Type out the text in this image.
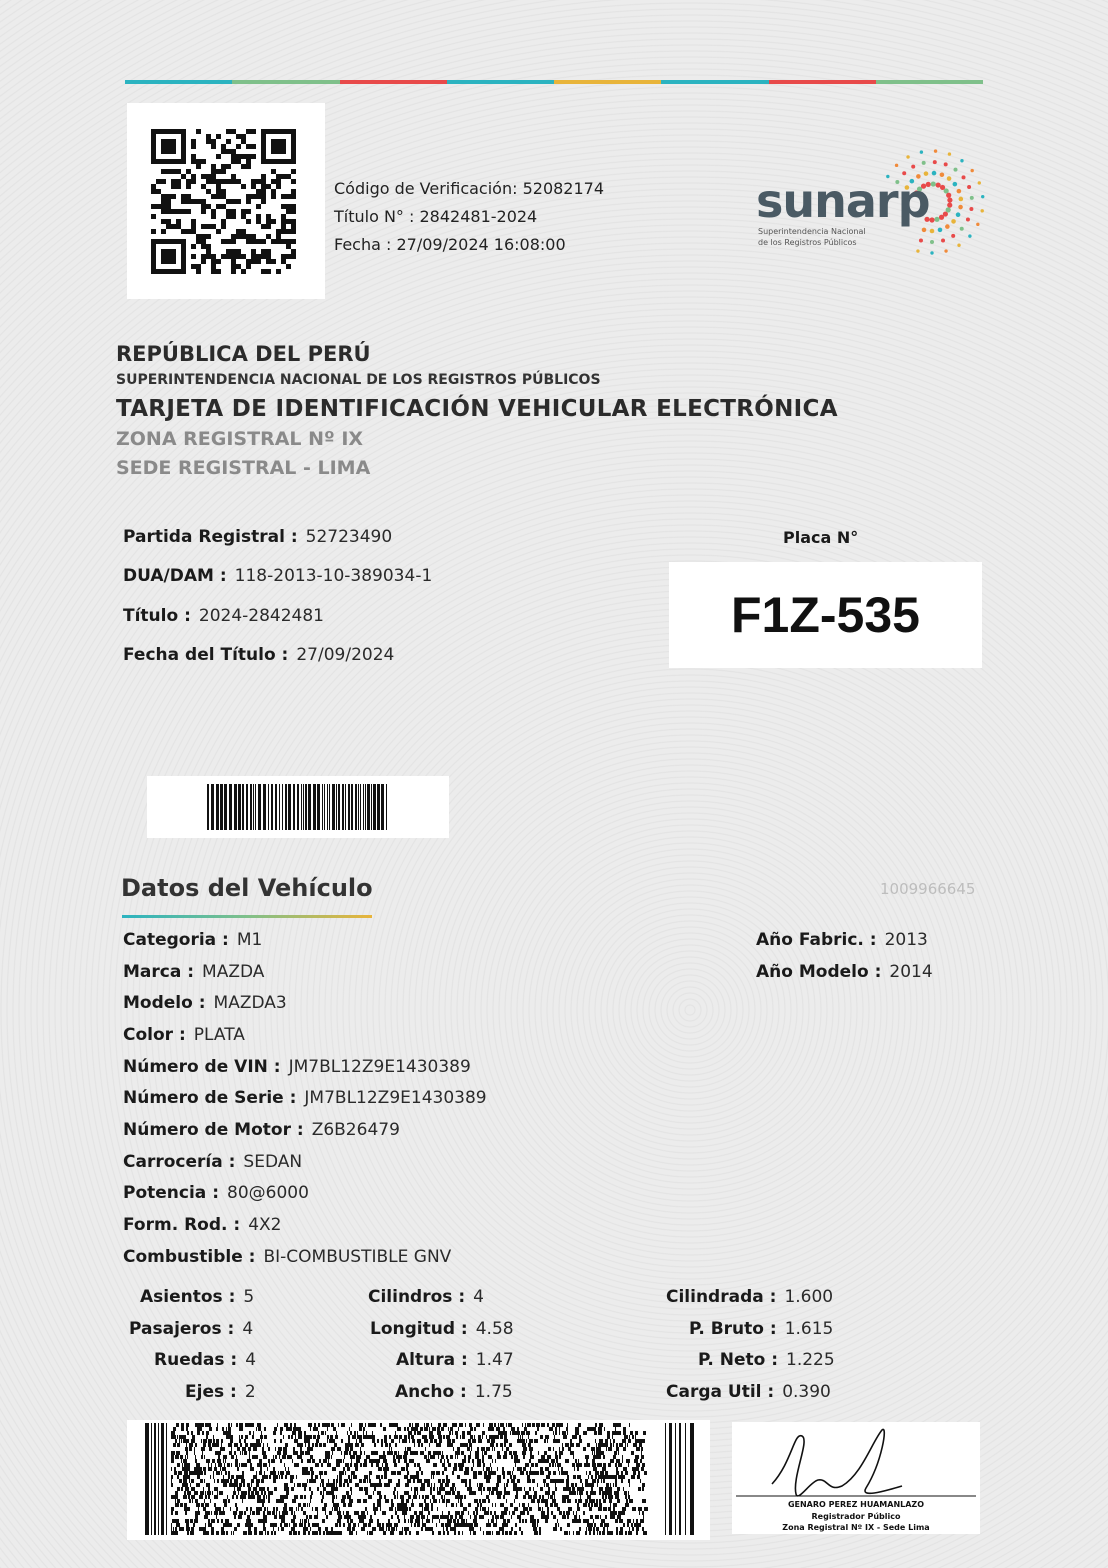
Código de Verificación: 52082174
Título N° : 2842481-2024
Fecha : 27/09/2024 16:08:00
sunarp
Superintendencia Nacional
de los Registros Públicos
REPÚBLICA DEL PERÚ
SUPERINTENDENCIA NACIONAL DE LOS REGISTROS PÚBLICOS
TARJETA DE IDENTIFICACIÓN VEHICULAR ELECTRÓNICA
ZONA REGISTRAL Nº IX
SEDE REGISTRAL - LIMA
Partida Registral : 52723490
DUA/DAM : 118-2013-10-389034-1
Título : 2024-2842481
Fecha del Título : 27/09/2024
Placa N°
F1Z-535
Datos del Vehículo	1009966645
Categoria : M1
Marca : MAZDA
Modelo : MAZDA3
Color : PLATA
Número de VIN : JM7BL12Z9E1430389
Número de Serie : JM7BL12Z9E1430389
Número de Motor : Z6B26479
Carrocería : SEDAN
Potencia : 80@6000
Form. Rod. : 4X2
Combustible : BI-COMBUSTIBLE GNV
Año Fabric. : 2013
Año Modelo : 2014
Asientos : 5
Pasajeros : 4
Ruedas : 4
Ejes : 2
Cilindros : 4
Longitud : 4.58
Altura : 1.47
Ancho : 1.75
Cilindrada : 1.600
P. Bruto : 1.615
P. Neto : 1.225
Carga Util : 0.390
GENARO PEREZ HUAMANLAZO
Registrador Público
Zona Registral Nº IX - Sede Lima
